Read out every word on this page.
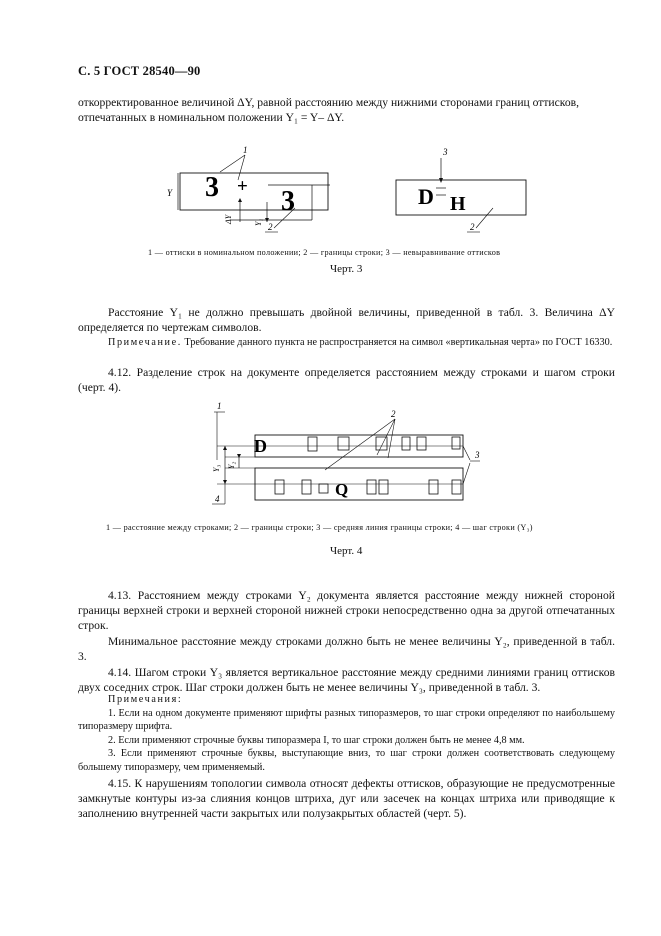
С. 5 ГОСТ 28540—90
откорректированное величиной ΔY, равной расстоянию между нижними сторонами границ оттисков,
отпечатанных в номинальном положении Y₁ = Y– ΔY.
Y 3 + 3
ΔY	Y₁
1
2
D H
3
2
1 — оттиски в номинальном положении; 2 — границы строки; 3 — невыравнивание оттисков
Черт. 3
Расстояние Y₁ не должно превышать двойной величины, приведенной в табл. 3. Величина ΔY определяется по чертежам символов.
Примечание. Требование данного пункта не распространяется на символ «вертикальная черта» по ГОСТ 16330.
4.12. Разделение строк на документе определяется расстоянием между строками и шагом строки (черт. 4).
D
Q
Y₃ Y₂
1
4
2
3
1 — расстояние между строками; 2 — границы строки; 3 — средняя линия границы строки; 4 — шаг строки (Y₃)
Черт. 4
4.13. Расстоянием между строками Y₂ документа является расстояние между нижней стороной границы верхней строки и верхней стороной нижней строки непосредственно одна за другой отпечатанных строк.
Минимальное расстояние между строками должно быть не менее величины Y₂, приведенной в табл. 3.
4.14. Шагом строки Y₃ является вертикальное расстояние между средними линиями границ оттисков двух соседних строк. Шаг строки должен быть не менее величины Y₃, приведенной в табл. 3.
Примечания:
1. Если на одном документе применяют шрифты разных типоразмеров, то шаг строки определяют по наибольшему типоразмеру шрифта.
2. Если применяют строчные буквы типоразмера I, то шаг строки должен быть не менее 4,8 мм.
3. Если применяют строчные буквы, выступающие вниз, то шаг строки должен соответствовать следующему большему типоразмеру, чем применяемый.
4.15. К нарушениям топологии символа относят дефекты оттисков, образующие не предусмотренные замкнутые контуры из-за слияния концов штриха, дуг или засечек на концах штриха или приводящие к заполнению внутренней части закрытых или полузакрытых областей (черт. 5).
